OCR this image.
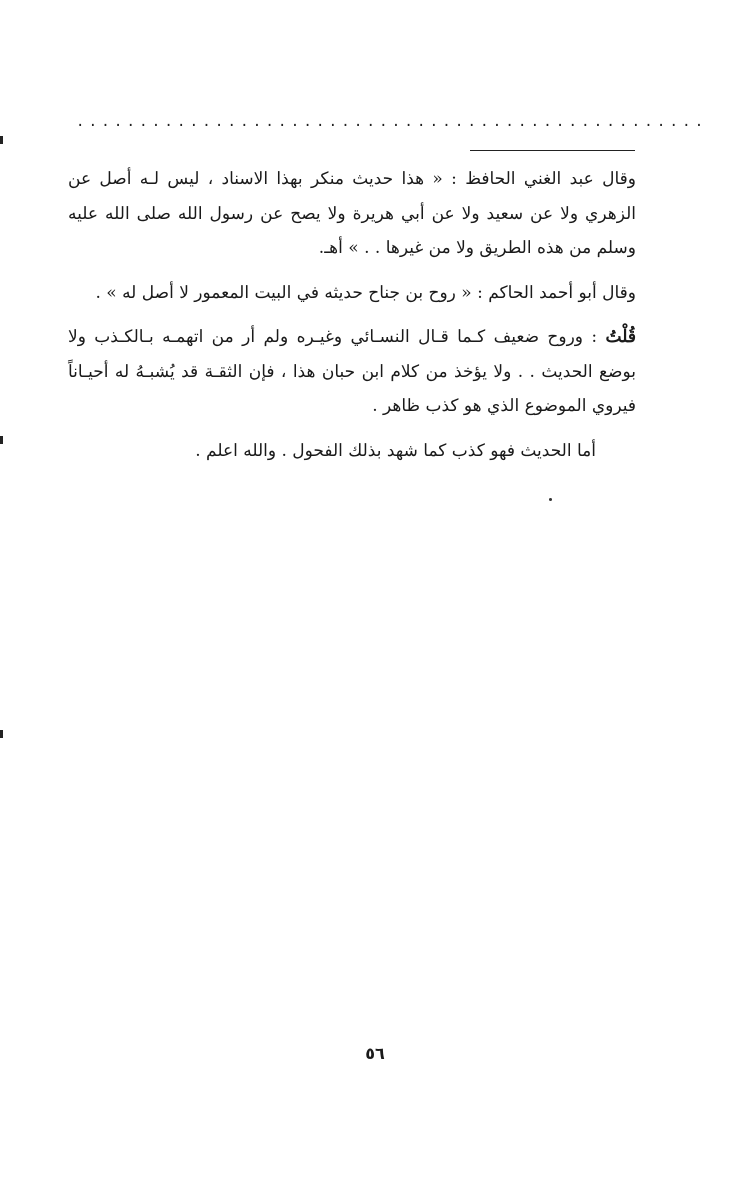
..................................................

وقال عبد الغني الحافظ : « هذا حديث منكر بهذا الاسناد ، ليس لـه أصل عن الزهري ولا عن سعيد ولا عن أبي هريرة ولا يصح عن رسول الله صلى الله عليه وسلم من هذه الطريق ولا من غيرها . . » أهـ.

وقال أبو أحمد الحاكم : « روح بن جناح حديثه في البيت المعمور لا أصل له » .

قُلْتُ : وروح ضعيف كـما قـال النسـائي وغيـره ولم أر من اتهمـه بـالكـذب ولا بوضع الحديث . . ولا يؤخذ من كلام ابن حبان هذا ، فإن الثقـة قد يُشبـهُ له أحيـاناً فيروي الموضوع الذي هو كذب ظاهر .

أما الحديث فهو كذب كما شهد بذلك الفحول . والله اعلم .

٥٦
